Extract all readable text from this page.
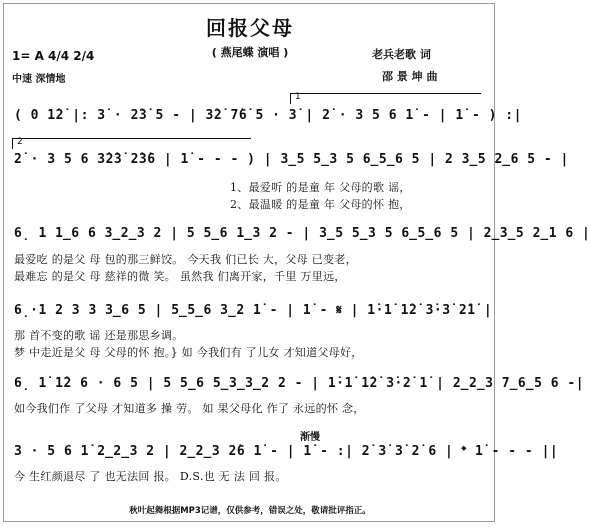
回报父母
( 燕尾蝶 演唱 )
1= A 4/4 2/4
中速 深情地
老兵老歌 词
邵 景 坤 曲
1
2
( 0 1̇2̇ |: 3̇ · 2̇3̇ 5 - | 3̇2̇ 7̇6̇ 5 · 3̇ | 2̇ · 3 5 6 1̇ - | 1̇ - ) :|
2̇ · 3 5 6 3̇2̇3̇ 2̇3̇6 | 1̇ - - - ) | 3̲5 5̲3 5 6̲5̲6 5 | 2 3̲5 2̲6 5 - |
1、最爱听 的是童 年 父母的歌 谣，
2、最温暖 的是童 年 父母的怀 抱，
6̣ 1 1̲6 6 3̲2̲3 2 | 5 5̲6 1̲3 2 - | 3̲5 5̲3 5 6̲5̲6 5 | 2̲3̲5 2̲1 6 |
最爱吃 的是父 母 包的那三鲜饺。 今天我 们已长 大，父母 已变老，
最难忘 的是父 母 慈祥的微 笑。 虽然我 们离开家，千里 万里远，
6̣·1 2 3 3 3̲6 5 | 5̲5̲6 3̲2 1̇ - | 1̇ - 𝄋 | 1̇·1̇ 1̇2̇ 3̇·3̇ 2̇1̇ |
那 首不变的歌 谣 还是那思乡调。
梦 中走近是父 母 父母的怀 抱。} 如 今我们有 了儿女 才知道父母好，
6̣ 1̇ 1̇2 6 · 6 5 | 5 5̲6 5̲3̲3̲2 2 - | 1̇·1̇ 1̇2̇ 3̇·2̇ 1̇ | 2̲2̲3 7̲6̲5 6 -|
如今我们作 了父母 才知道多 操 劳。 如 果父母化 作了 永远的怀 念，
渐慢
3 · 5 6 1̇ 2̲2̲3 2 | 2̲2̲3 2̇6 1̇ - | 1̇ - :| 2̇ 3̇ 3̇ 2̇ 6 | 𝄌 1̇ - - - ||
今 生红颜退尽 了 也无法回 报。 D.S.也 无 法 回 报。
秋叶起舞根据MP3记谱，仅供参考，错误之处，敬请批评指正。
